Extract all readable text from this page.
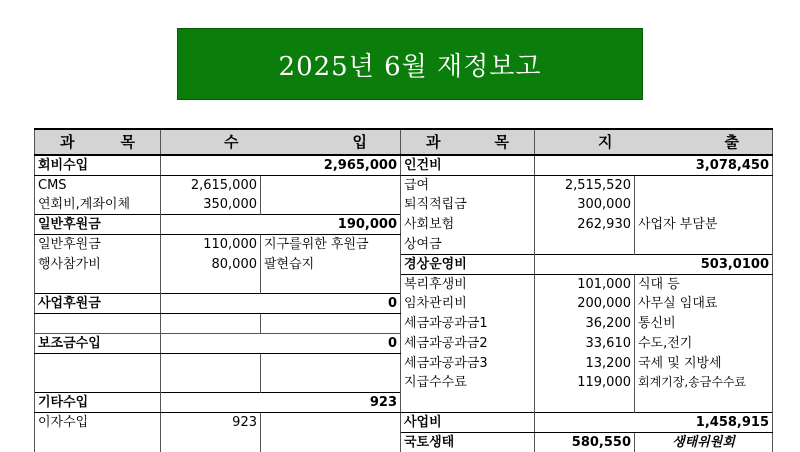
2025년 6월 재정보고
과 목	수 입		과 목	지 출	

회비수입	2,965,000		인건비	3,078,450	
CMS	2,615,000		급여	2,515,520	
연회비,계좌이체	350,000		퇴직적립금	300,000	
일반후원금	190,000		사회보험	262,930	사업자 부담분
일반후원금	110,000	지구를위한 후원금	상여금		
행사참가비	80,000	팔현습지	경상운영비	503,0100	
			복리후생비	101,000	식대 등
사업후원금	0		임차관리비	200,000	사무실 임대료
			세금과공과금1	36,200	통신비
보조금수입	0		세금과공과금2	33,610	수도,전기
			세금과공과금3	13,200	국세 및 지방세
			지급수수료	119,000	회계기장,송금수수료
기타수입	923				
이자수입	923		사업비	1,458,915	
			국토생태	580,550	생태위원회
